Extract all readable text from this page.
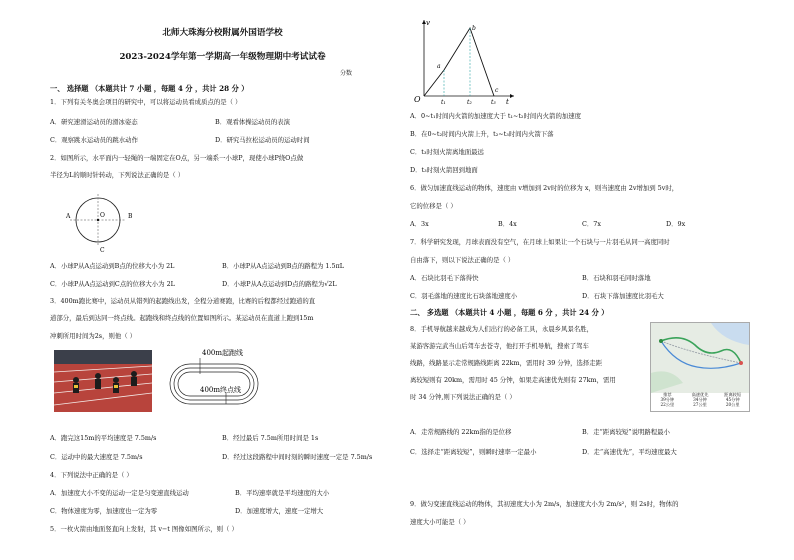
北师大珠海分校附属外国语学校
2023-2024学年第一学期高一年级物理期中考试试卷
一、 选择题 （本题共计 7 小题 ，每题 4 分 ，共计 28 分 ）
1．下列有关冬奥会项目的研究中，可以将运动员看成质点的是（ ）
A．研究速滑运动员的滑冰姿态	B．观看体操运动员的表演
C．观察跳水运动员的跳水动作	D．研究马拉松运动员的运动时间
2．如图所示，水平面内一轻绳的一端固定在O点，另一端系一小球P，现使小球P绕O点做
半径为L的顺时针转动，下列说法正确的是（ ）
A	B
C
O
A．小球P从A点运动到B点的位移大小为 2L	B．小球P从A点运动到B点的路程为 1.5πL
C．小球P从A点运动到C点的位移大小为 2L	D．小球P从A点运动到D点的路程为√2L
3．400m跑比赛中，运动员从错列的起跑线出发，全程分道赛跑，比赛的后程都经过跑道的直
道部分，最后到达同一终点线。起跑线和终点线的位置如图所示。某运动员在直道上跑到15m
冲刺所用时间为2s，则他（ ）
400m起跑线
400m终点线
A．跑完这15m的平均速度是 7.5m/s	B．经过最后 7.5m所用时间是 1s
C．运动中的最大速度是 7.5m/s	D．经过这段路程中间时刻的瞬时速度一定是 7.5m/s
4．下列说法中正确的是（ ）
A．加速度大小不变的运动一定是匀变速直线运动	B．平均速率就是平均速度的大小
C．物体速度为零，加速度也一定为零	D．加速度增大，速度一定增大
5．一枚火箭由地面竖直向上发射，其 v−t 图像如图所示，则（ ）
分数
v
O
a
b
c
t
t₁	t₂	t₃
A．0~t₁时间内火箭的加速度大于 t₁~t₂时间内火箭的加速度
B．在0~t₂时间内火箭上升，t₂~t₃时间内火箭下落
C．t₃时刻火箭离地面最远
D．t₃时刻火箭回到地面
6．做匀加速直线运动的物体，速度由 v增加到 2v时的位移为 x，则当速度由 2v增加到 5v时，
它的位移是（ ）
A．3x	B．4x	C．7x	D．9x
7．科学研究发现，月球表面没有空气，在月球上如果让一个石块与一片羽毛从同一高度同时
自由落下，则以下说法正确的是（ ）
A．石块比羽毛下落得快	B．石块和羽毛同时落地
C．羽毛落地的速度比石块落地速度小	D．石块下落加速度比羽毛大
二、 多选题 （本题共计 4 小题 ，每题 6 分 ，共计 24 分 ）
8．手机导航越来越成为人们出行的必备工具，永晨乡风景名胜，
某游客游完武当山后驾车去苍寺，他打开手机导航，搜索了驾车
线路，线路显示走常规路线距离 22km，需用时 39 分钟，选择走距
离较短则有 20km，需用时 45 分钟，如果走高速优先则有 27km，需用
时 34 分钟,则下列说法正确的是（ ）	推荐
39分钟
22公里
高速优先
34分钟
27公里
距离较短
45分钟
20公里
A．走常规路线的 22km指的是位移	B．走“距离较短”说明路程最小
C．选择走“距离较短”，则瞬时速率一定最小	D．走“高速优先”，平均速度最大
9．做匀变速直线运动的物体，其初速度大小为 2m/s，加速度大小为 2m/s²，则 2s时，物体的
速度大小可能是（ ）
